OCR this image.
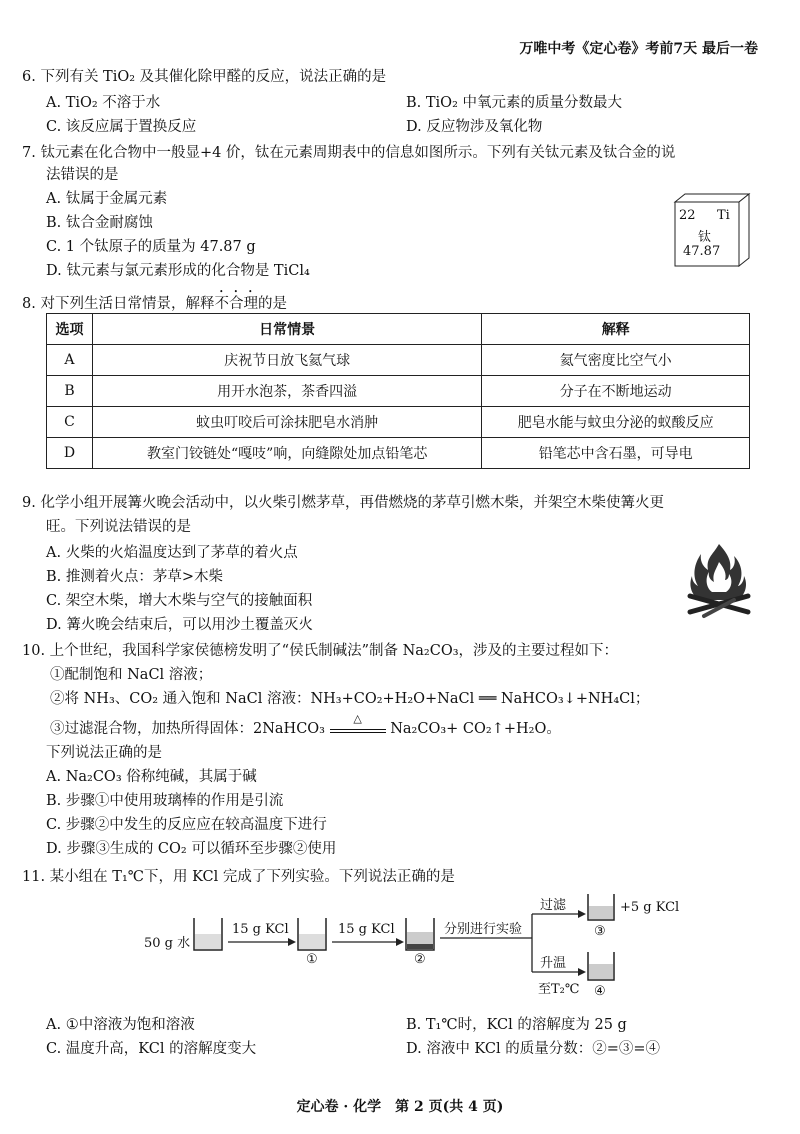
万唯中考《定心卷》考前7天 最后一卷
6. 下列有关 TiO₂ 及其催化除甲醛的反应，说法正确的是
A. TiO₂ 不溶于水	B. TiO₂ 中氧元素的质量分数最大
C. 该反应属于置换反应	D. 反应物涉及氧化物
7. 钛元素在化合物中一般显+4 价，钛在元素周期表中的信息如图所示。下列有关钛元素及钛合金的说
法错误的是
A. 钛属于金属元素
B. 钛合金耐腐蚀
C. 1 个钛原子的质量为 47.87 g
D. 钛元素与氯元素形成的化合物是 TiCl₄
22 Ti
钛
47.87
8. 对下列生活日常情景，解释不合理的是
选项	日常情景	解释
A	庆祝节日放飞氦气球	氦气密度比空气小
B	用开水泡茶，茶香四溢	分子在不断地运动
C	蚊虫叮咬后可涂抹肥皂水消肿	肥皂水能与蚊虫分泌的蚁酸反应
D	教室门铰链处“嘎吱”响，向缝隙处加点铅笔芯	铅笔芯中含石墨，可导电
9. 化学小组开展篝火晚会活动中，以火柴引燃茅草，再借燃烧的茅草引燃木柴，并架空木柴使篝火更
旺。下列说法错误的是
A. 火柴的火焰温度达到了茅草的着火点
B. 推测着火点：茅草>木柴
C. 架空木柴，增大木柴与空气的接触面积
D. 篝火晚会结束后，可以用沙土覆盖灭火
10. 上个世纪，我国科学家侯德榜发明了“侯氏制碱法”制备 Na₂CO₃，涉及的主要过程如下：
①配制饱和 NaCl 溶液；
②将 NH₃、CO₂ 通入饱和 NaCl 溶液：NH₃+CO₂+H₂O+NaCl ══ NaHCO₃↓+NH₄Cl；
③过滤混合物，加热所得固体：2NaHCO₃
△
Na₂CO₃+ CO₂↑+H₂O。
下列说法正确的是
A. Na₂CO₃ 俗称纯碱，其属于碱
B. 步骤①中使用玻璃棒的作用是引流
C. 步骤②中发生的反应应在较高温度下进行
D. 步骤③生成的 CO₂ 可以循环至步骤②使用
11. 某小组在 T₁℃下，用 KCl 完成了下列实验。下列说法正确的是
50 g 水
15 g KCl
①
15 g KCl
②
分别进行实验
过滤	+5 g KCl
③
升温
至T₂℃ ④
A. ①中溶液为饱和溶液	B. T₁℃时，KCl 的溶解度为 25 g
C. 温度升高，KCl 的溶解度变大	D. 溶液中 KCl 的质量分数：②=③=④
定心卷 · 化学　第 2 页(共 4 页)
